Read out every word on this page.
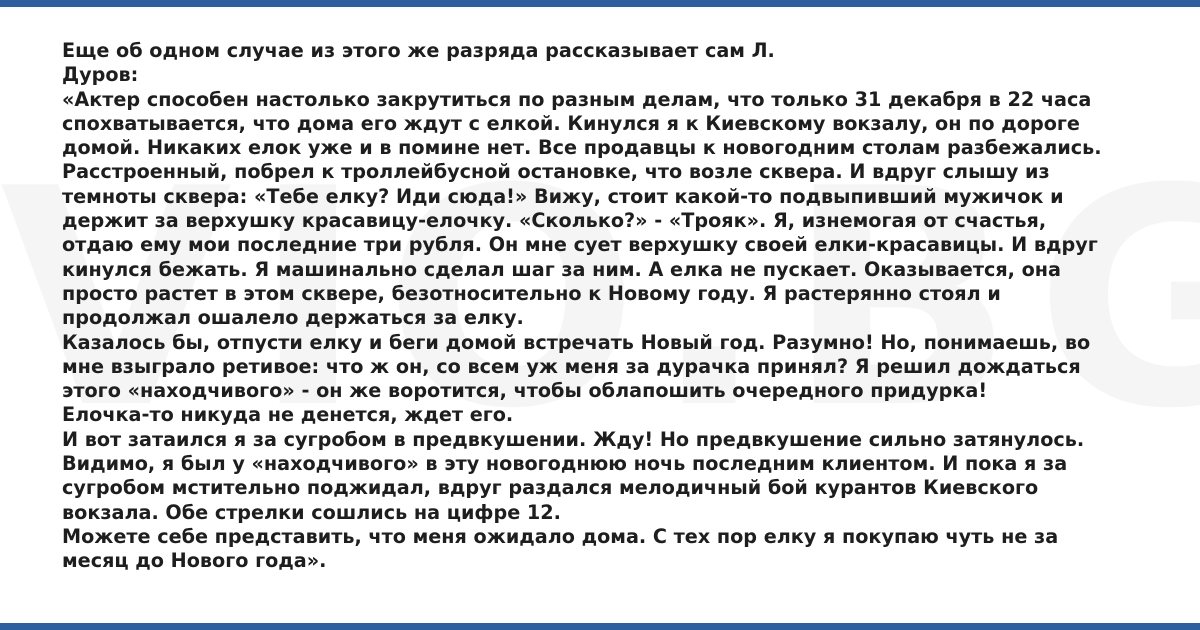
Еще об одном случае из этого же разряда рассказывает сам Л.
Дуров:
«Актер способен настолько закрутиться по разным делам, что только 31 декабря в 22 часа
спохватывается, что дома его ждут с елкой. Кинулся я к Киевскому вокзалу, он по дороге
домой. Никаких елок уже и в помине нет. Все продавцы к новогодним столам разбежались.
Расстроенный, побрел к троллейбусной остановке, что возле сквера. И вдруг слышу из
темноты сквера: «Тебе елку? Иди сюда!» Вижу, стоит какой-то подвыпивший мужичок и
держит за верхушку красавицу-елочку. «Сколько?» - «Трояк». Я, изнемогая от счастья,
отдаю ему мои последние три рубля. Он мне сует верхушку своей елки-красавицы. И вдруг
кинулся бежать. Я машинально сделал шаг за ним. А елка не пускает. Оказывается, она
просто растет в этом сквере, безотносительно к Новому году. Я растерянно стоял и
продолжал ошалело держаться за елку.
Казалось бы, отпусти елку и беги домой встречать Новый год. Разумно! Но, понимаешь, во
мне взыграло ретивое: что ж он, со всем уж меня за дурачка принял? Я решил дождаться
этого «находчивого» - он же воротится, чтобы облапошить очередного придурка!
Елочка-то никуда не денется, ждет его.
И вот затаился я за сугробом в предвкушении. Жду! Но предвкушение сильно затянулось.
Видимо, я был у «находчивого» в эту новогоднюю ночь последним клиентом. И пока я за
сугробом мстительно поджидал, вдруг раздался мелодичный бой курантов Киевского
вокзала. Обе стрелки сошлись на цифре 12.
Можете себе представить, что меня ожидало дома. С тех пор елку я покупаю чуть не за
месяц до Нового года».
